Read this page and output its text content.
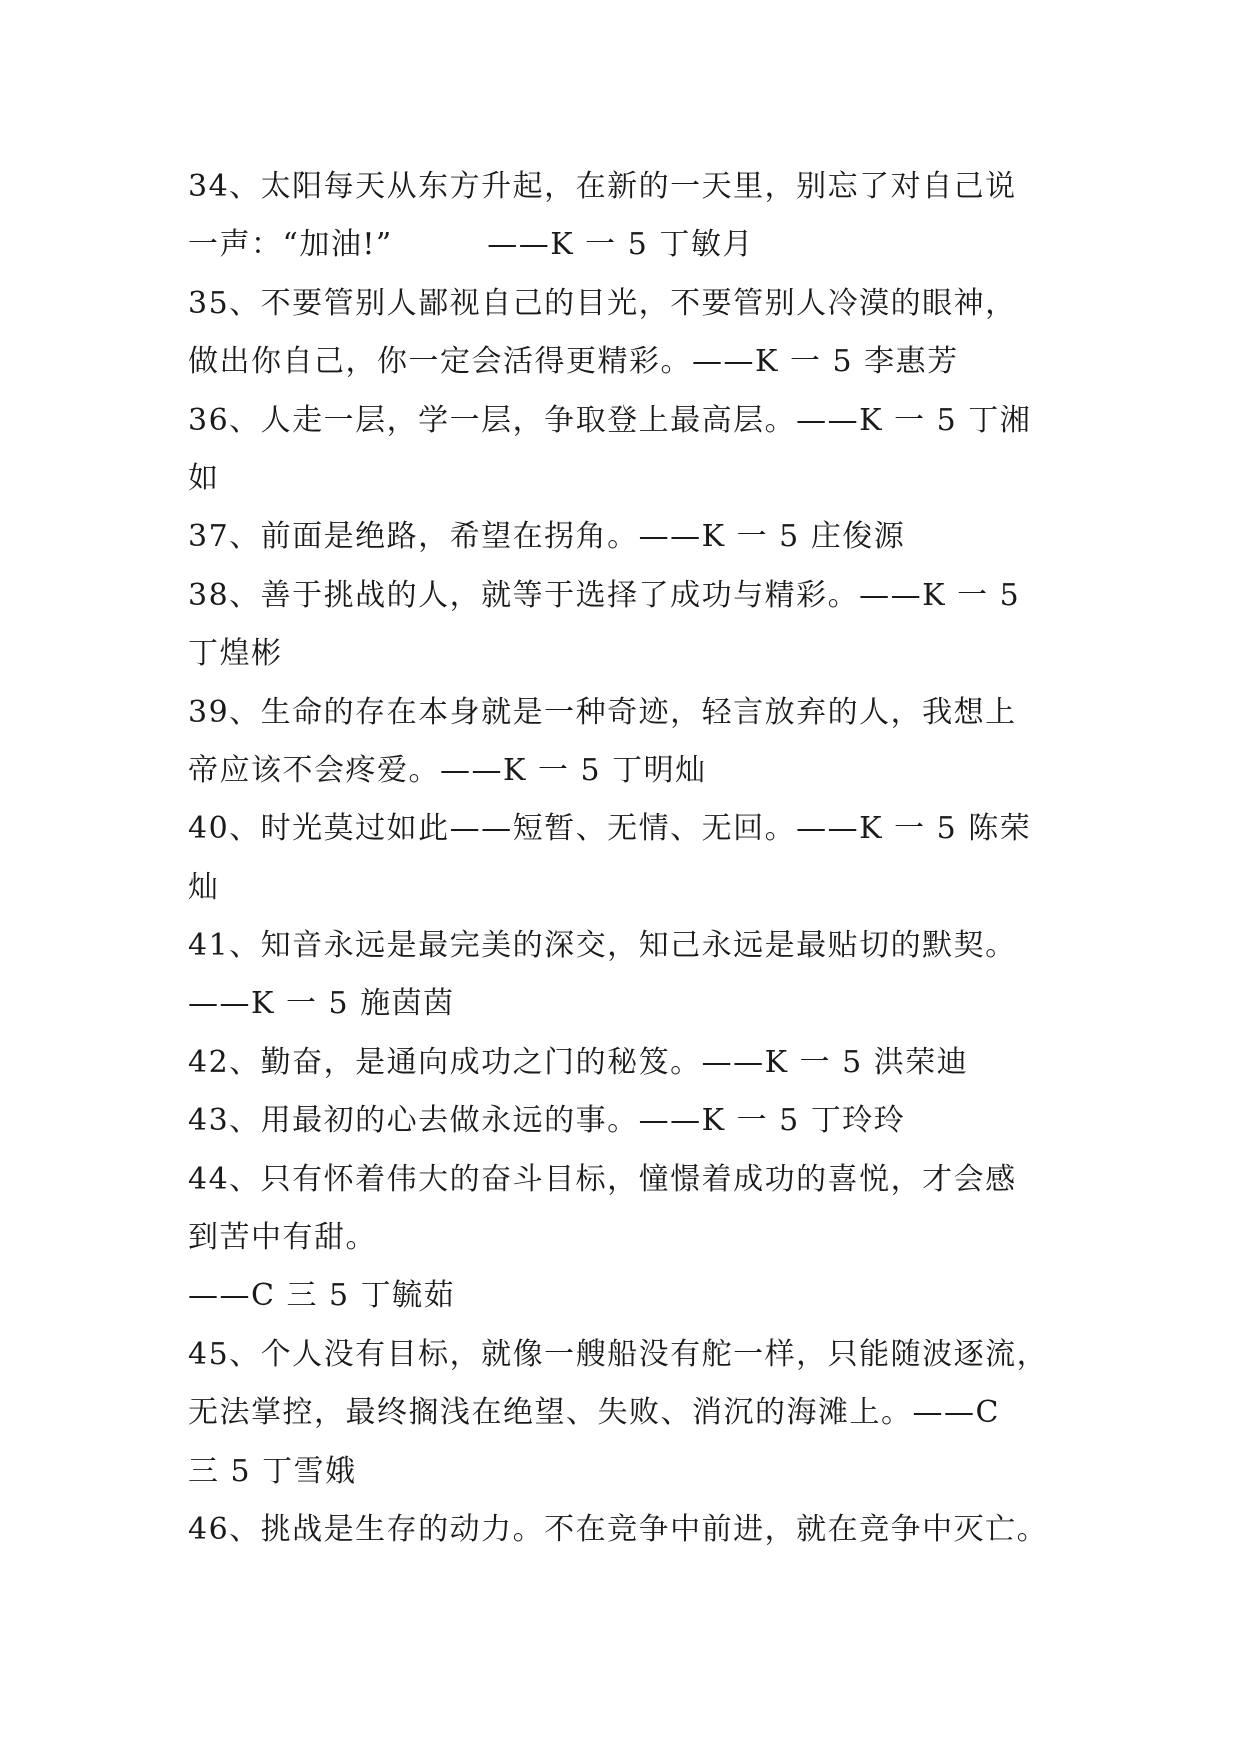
34、太阳每天从东方升起，在新的一天里，别忘了对自己说
一声：“加油!”　　　——K 一 5 丁敏月
35、不要管别人鄙视自己的目光，不要管别人冷漠的眼神，
做出你自己，你一定会活得更精彩。——K 一 5 李惠芳
36、人走一层，学一层，争取登上最高层。——K 一 5 丁湘
如
37、前面是绝路，希望在拐角。——K 一 5 庄俊源
38、善于挑战的人，就等于选择了成功与精彩。——K 一 5
丁煌彬
39、生命的存在本身就是一种奇迹，轻言放弃的人，我想上
帝应该不会疼爱。——K 一 5 丁明灿
40、时光莫过如此——短暂、无情、无回。——K 一 5 陈荣
灿
41、知音永远是最完美的深交，知己永远是最贴切的默契。
——K 一 5 施茵茵
42、勤奋，是通向成功之门的秘笈。——K 一 5 洪荣迪
43、用最初的心去做永远的事。——K 一 5 丁玲玲
44、只有怀着伟大的奋斗目标，憧憬着成功的喜悦，才会感
到苦中有甜。
——C 三 5 丁毓茹
45、个人没有目标，就像一艘船没有舵一样，只能随波逐流，
无法掌控，最终搁浅在绝望、失败、消沉的海滩上。——C
三 5 丁雪娥
46、挑战是生存的动力。不在竞争中前进，就在竞争中灭亡。
